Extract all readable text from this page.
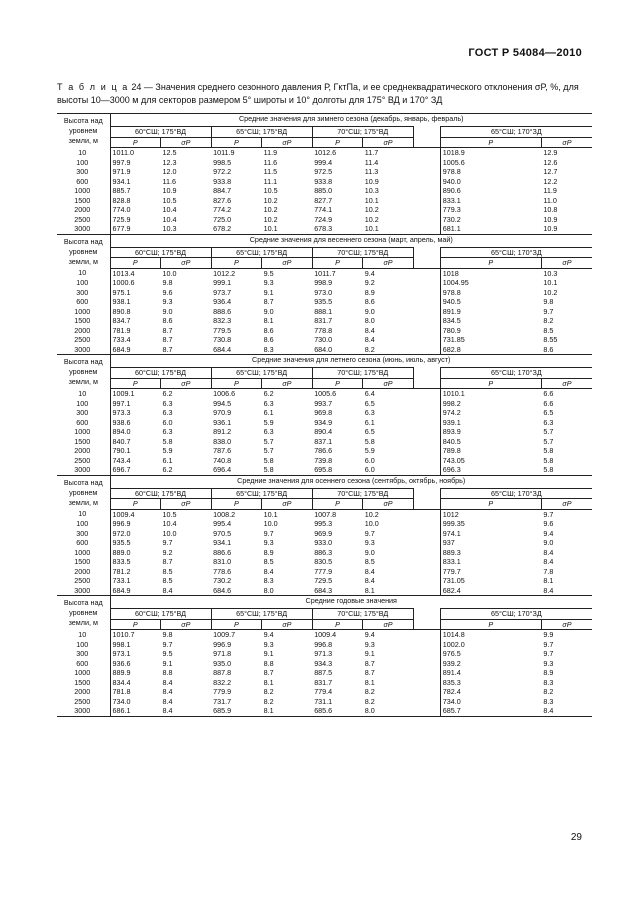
ГОСТ Р 54084—2010
Т а б л и ц а 24 — Значения среднего сезонного давления Р, ГктПа, и ее среднеквадратического отклонения σP, %, для высоты 10—3000 м для секторов размером 5° широты и 10° долготы для 175° ВД и 170° ЗД
Высота над уровнем земли, м	Средние значения для зимнего сезона (декабрь, январь, февраль)								
	60°СШ; 175°ВД		65°СШ; 175°ВД		70°СШ; 175°ВД			65°СШ; 170°ЗД	
	P	σP	P	σP	P	σP		P	σP
10	1011.0	12.5	1011.9	11.9	1012.6	11.7		1018.9	12.9
100	997.9	12.3	998.5	11.6	999.4	11.4		1005.6	12.6
300	971.9	12.0	972.2	11.5	972.5	11.3		978.8	12.7
600	934.1	11.6	933.8	11.1	933.8	10.9		940.0	12.2
1000	885.7	10.9	884.7	10.5	885.0	10.3		890.6	11.9
1500	828.8	10.5	827.6	10.2	827.7	10.1		833.1	11.0
2000	774.0	10.4	774.2	10.2	774.1	10.2		779.3	10.8
2500	725.9	10.4	725.0	10.2	724.9	10.2		730.2	10.9
3000	677.9	10.3	678.2	10.1	678.3	10.1		681.1	10.9
Высота над уровнем земли, м	Средние значения для весеннего сезона (март, апрель, май)								
	60°СШ; 175°ВД		65°СШ; 175°ВД		70°СШ; 175°ВД			65°СШ; 170°ЗД	
	P	σP	P	σP	P	σP		P	σP
10	1013.4	10.0	1012.2	9.5	1011.7	9.4		1018	10.3
100	1000.6	9.8	999.1	9.3	998.9	9.2		1004.95	10.1
300	975.1	9.6	973.7	9.1	973.0	8.9		978.8	10.2
600	938.1	9.3	936.4	8.7	935.5	8.6		940.5	9.8
1000	890.8	9.0	888.6	9.0	888.1	9.0		891.9	9.7
1500	834.7	8.6	832.3	8.1	831.7	8.0		834.5	8.2
2000	781.9	8.7	779.5	8.6	778.8	8.4		780.9	8.5
2500	733.4	8.7	730.8	8.6	730.0	8.4		731.85	8.55
3000	684.9	8.7	684.4	8.3	684.0	8.2		682.8	8.6
Высота над уровнем земли, м	Средние значения для летнего сезона (июнь, июль, август)								
	60°СШ; 175°ВД		65°СШ; 175°ВД		70°СШ; 175°ВД			65°СШ; 170°ЗД	
	P	σP	P	σP	P	σP		P	σP
10	1009.1	6.2	1006.6	6.2	1005.6	6.4		1010.1	6.6
100	997.1	6.3	994.5	6.3	993.7	6.5		998.2	6.6
300	973.3	6.3	970.9	6.1	969.8	6.3		974.2	6.5
600	938.6	6.0	936.1	5.9	934.9	6.1		939.1	6.3
1000	894.0	6.3	891.2	6.3	890.4	6.5		893.9	5.7
1500	840.7	5.8	838.0	5.7	837.1	5.8		840.5	5.7
2000	790.1	5.9	787.6	5.7	786.6	5.9		789.8	5.8
2500	743.4	6.1	740.8	5.8	739.8	6.0		743.05	5.8
3000	696.7	6.2	696.4	5.8	695.8	6.0		696.3	5.8
Высота над уровнем земли, м	Средние значения для осеннего сезона (сентябрь, октябрь, ноябрь)								
	60°СШ; 175°ВД		65°СШ; 175°ВД		70°СШ; 175°ВД			65°СШ; 170°ЗД	
	P	σP	P	σP	P	σP		P	σP
10	1009.4	10.5	1008.2	10.1	1007.8	10.2		1012	9.7
100	996.9	10.4	995.4	10.0	995.3	10.0		999.35	9.6
300	972.0	10.0	970.5	9.7	969.9	9.7		974.1	9.4
600	935.5	9.7	934.1	9.3	933.0	9.3		937	9.0
1000	889.0	9.2	886.6	8.9	886.3	9.0		889.3	8.4
1500	833.5	8.7	831.0	8.5	830.5	8.5		833.1	8.4
2000	781.2	8.5	778.6	8.4	777.9	8.4		779.7	7.8
2500	733.1	8.5	730.2	8.3	729.5	8.4		731.05	8.1
3000	684.9	8.4	684.6	8.0	684.3	8.1		682.4	8.4
Высота над уровнем земли, м	Средние годовые значения								
	60°СШ; 175°ВД		65°СШ; 175°ВД		70°СШ; 175°ВД			65°СШ; 170°ЗД	
	P	σP	P	σP	P	σP		P	σP
10	1010.7	9.8	1009.7	9.4	1009.4	9.4		1014.8	9.9
100	998.1	9.7	996.9	9.3	996.8	9.3		1002.0	9.7
300	973.1	9.5	971.8	9.1	971.3	9.1		976.5	9.7
600	936.6	9.1	935.0	8.8	934.3	8.7		939.2	9.3
1000	889.9	8.8	887.8	8.7	887.5	8.7		891.4	8.9
1500	834.4	8.4	832.2	8.1	831.7	8.1		835.3	8.3
2000	781.8	8.4	779.9	8.2	779.4	8.2		782.4	8.2
2500	734.0	8.4	731.7	8.2	731.1	8.2		734.0	8.3
3000	686.1	8.4	685.9	8.1	685.6	8.0		685.7	8.4
29
